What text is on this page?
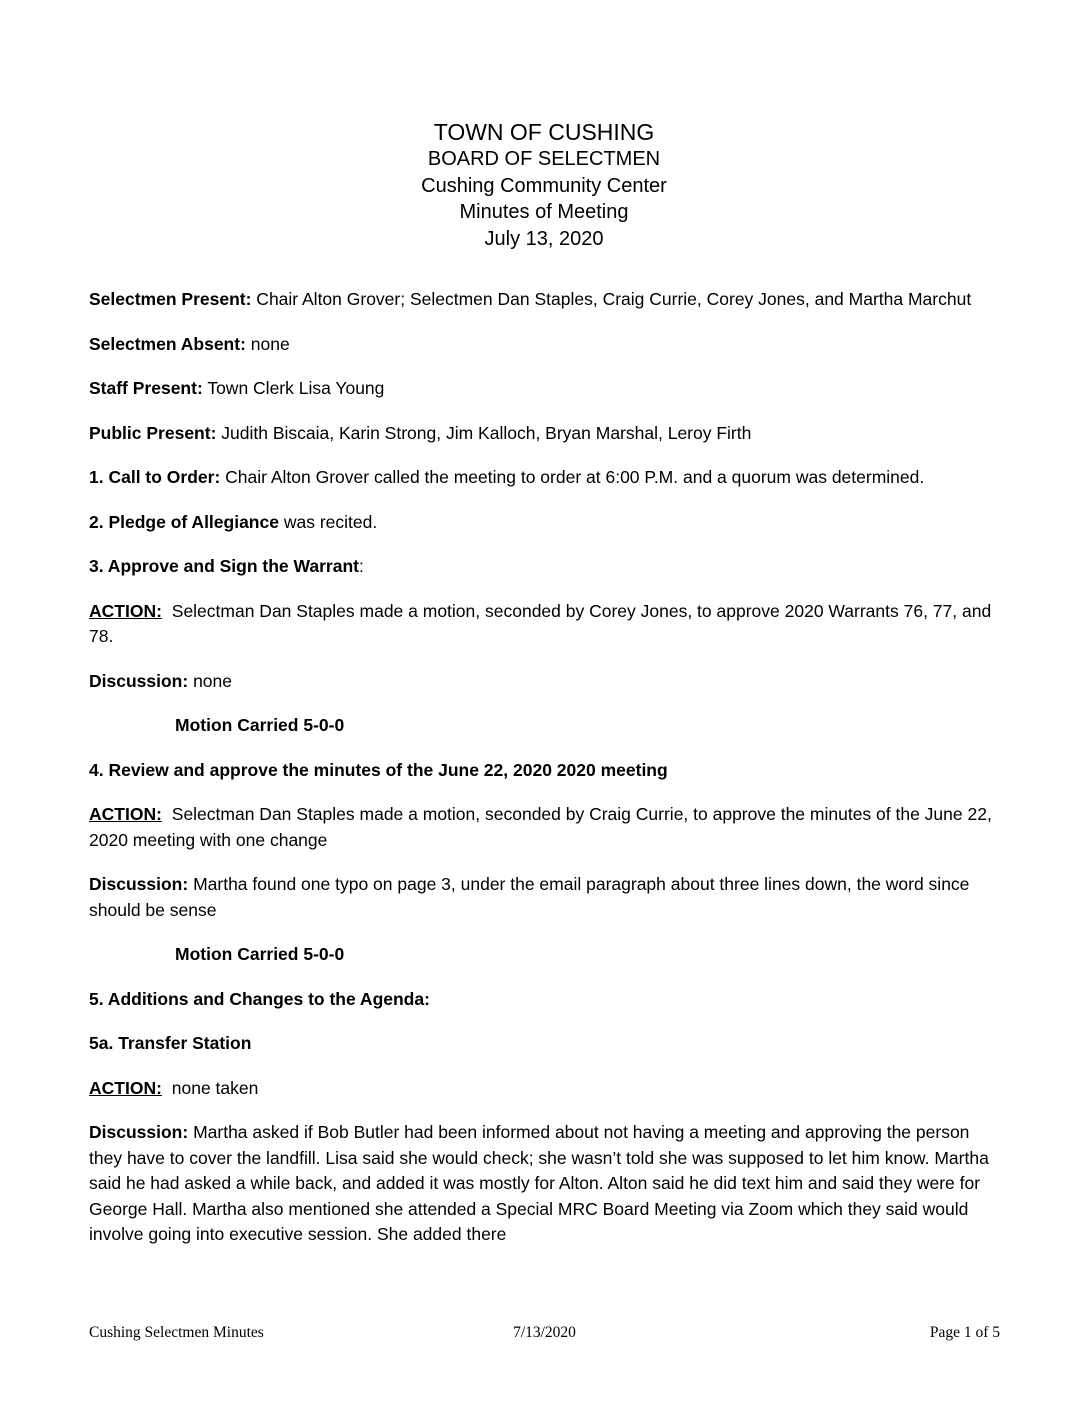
TOWN OF CUSHING
BOARD OF SELECTMEN
Cushing Community Center
Minutes of Meeting
July 13, 2020
Selectmen Present: Chair Alton Grover; Selectmen Dan Staples, Craig Currie, Corey Jones, and Martha Marchut
Selectmen Absent: none
Staff Present: Town Clerk Lisa Young
Public Present: Judith Biscaia, Karin Strong, Jim Kalloch, Bryan Marshal, Leroy Firth
1. Call to Order: Chair Alton Grover called the meeting to order at 6:00 P.M. and a quorum was determined.
2. Pledge of Allegiance was recited.
3. Approve and Sign the Warrant:
ACTION: Selectman Dan Staples made a motion, seconded by Corey Jones, to approve 2020 Warrants 76, 77, and 78.
Discussion: none
Motion Carried 5-0-0
4. Review and approve the minutes of the June 22, 2020 2020 meeting
ACTION: Selectman Dan Staples made a motion, seconded by Craig Currie, to approve the minutes of the June 22, 2020 meeting with one change
Discussion: Martha found one typo on page 3, under the email paragraph about three lines down, the word since should be sense
Motion Carried 5-0-0
5. Additions and Changes to the Agenda:
5a. Transfer Station
ACTION: none taken
Discussion: Martha asked if Bob Butler had been informed about not having a meeting and approving the person they have to cover the landfill. Lisa said she would check; she wasn’t told she was supposed to let him know. Martha said he had asked a while back, and added it was mostly for Alton. Alton said he did text him and said they were for George Hall. Martha also mentioned she attended a Special MRC Board Meeting via Zoom which they said would involve going into executive session. She added there
Cushing Selectmen Minutes	7/13/2020	Page 1 of 5
